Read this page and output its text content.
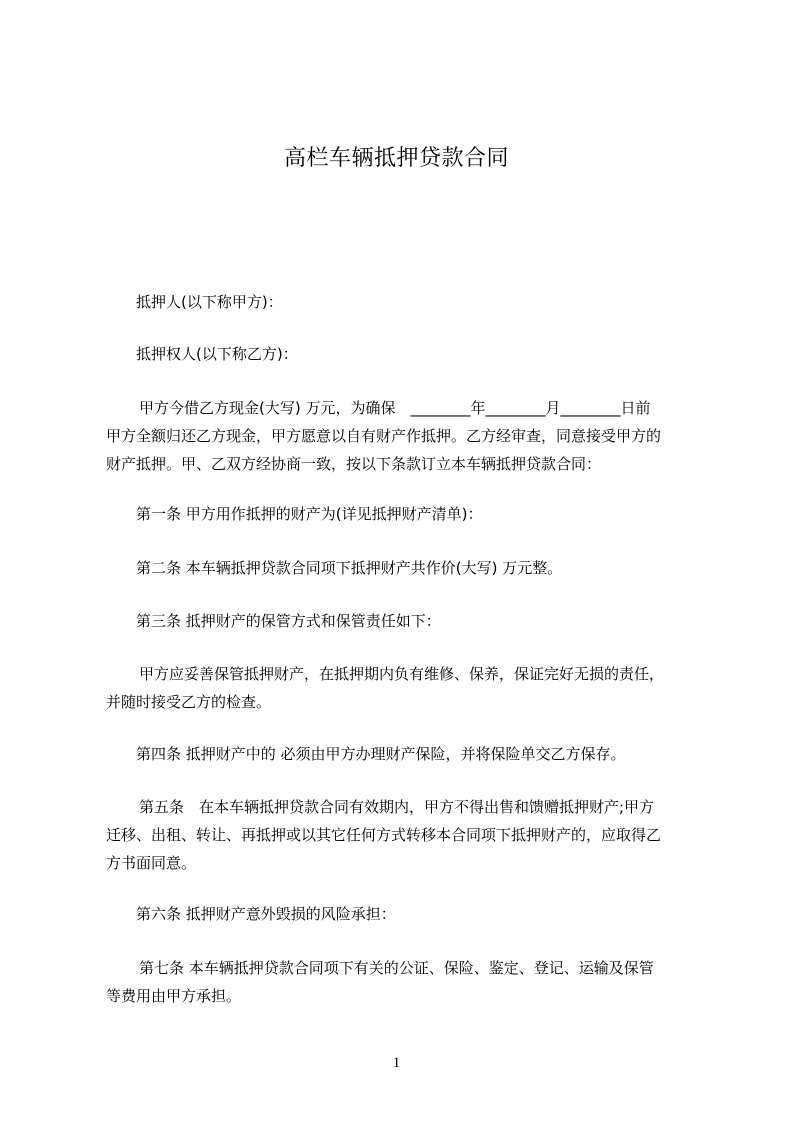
高栏车辆抵押贷款合同

抵押人(以下称甲方)：

抵押权人(以下称乙方)：

甲方今借乙方现金(大写) 万元，为确保　________年________月________日前
甲方全额归还乙方现金，甲方愿意以自有财产作抵押。乙方经审查，同意接受甲方的
财产抵押。甲、乙双方经协商一致，按以下条款订立本车辆抵押贷款合同：

第一条 甲方用作抵押的财产为(详见抵押财产清单)：

第二条 本车辆抵押贷款合同项下抵押财产共作价(大写) 万元整。

第三条 抵押财产的保管方式和保管责任如下：

甲方应妥善保管抵押财产，在抵押期内负有维修、保养，保证完好无损的责任，
并随时接受乙方的检查。

第四条 抵押财产中的 必须由甲方办理财产保险，并将保险单交乙方保存。

第五条　在本车辆抵押贷款合同有效期内，甲方不得出售和馈赠抵押财产;甲方
迁移、出租、转让、再抵押或以其它任何方式转移本合同项下抵押财产的，应取得乙
方书面同意。

第六条 抵押财产意外毁损的风险承担：

第七条 本车辆抵押贷款合同项下有关的公证、保险、鉴定、登记、运输及保管
等费用由甲方承担。

1
